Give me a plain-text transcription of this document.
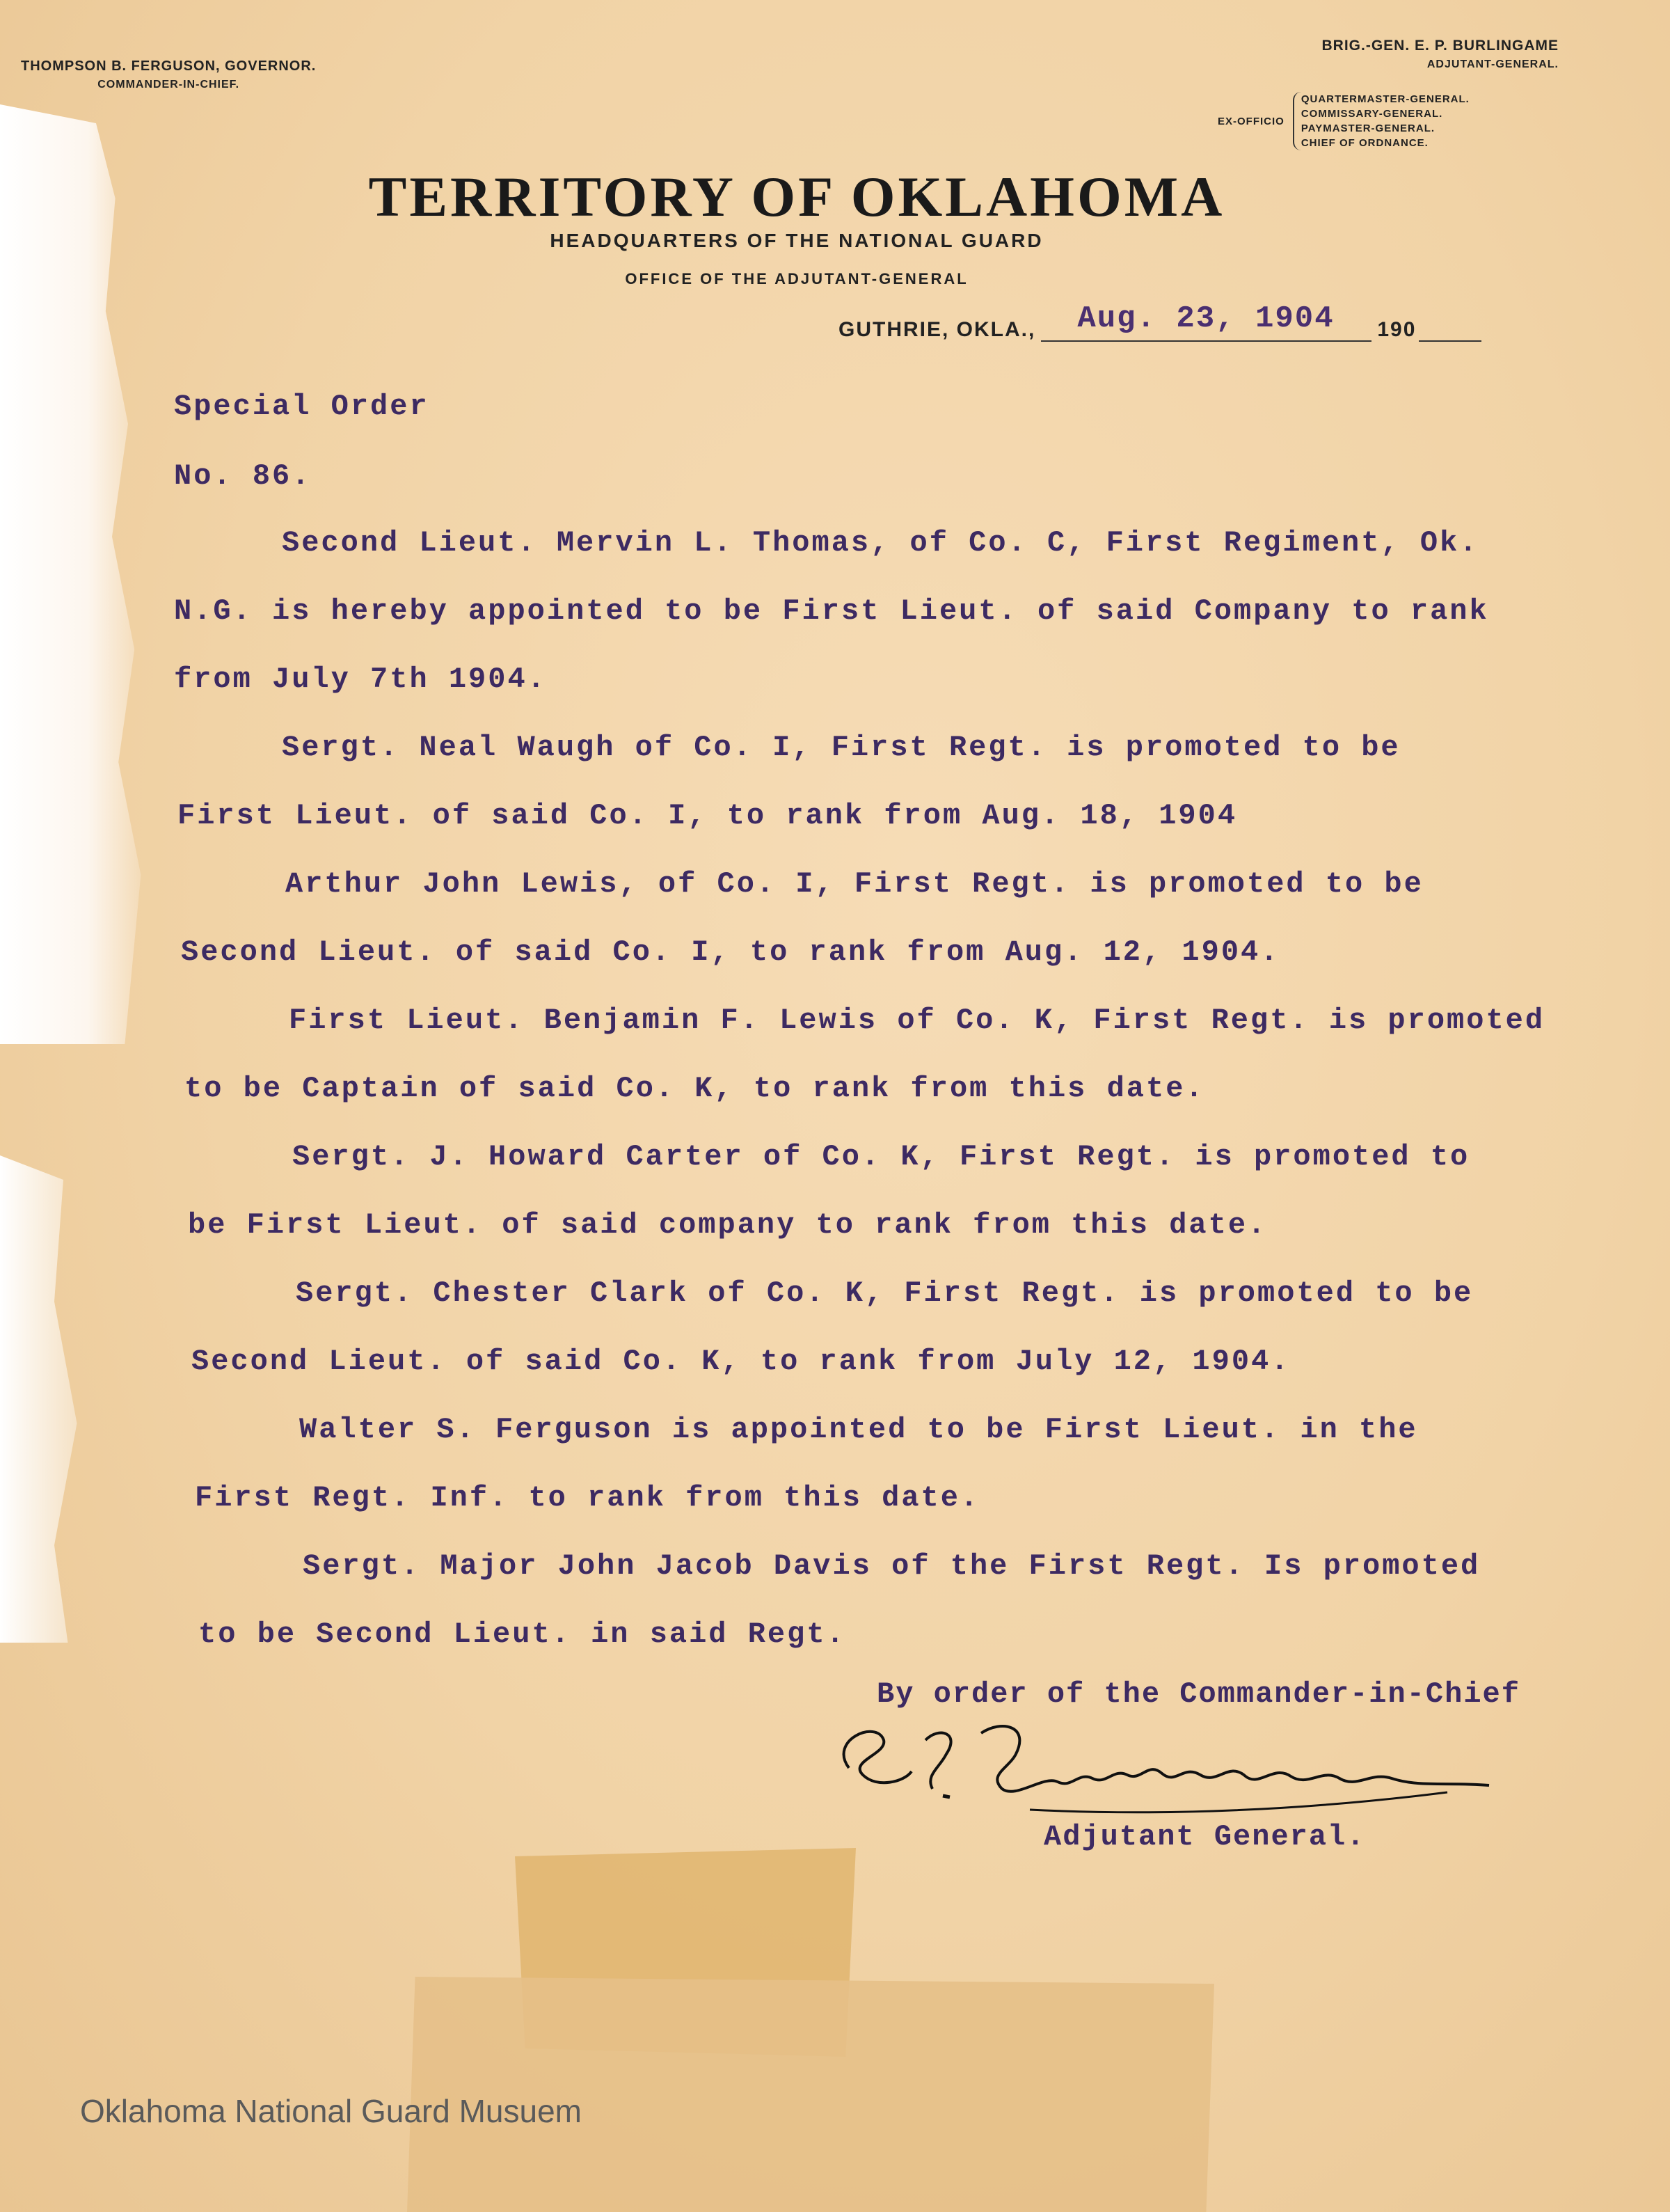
THOMPSON B. FERGUSON, GOVERNOR.
COMMANDER-IN-CHIEF.
BRIG.-GEN. E. P. BURLINGAME
ADJUTANT-GENERAL.
EX-OFFICIO
QUARTERMASTER-GENERAL.
COMMISSARY-GENERAL.
PAYMASTER-GENERAL.
CHIEF OF ORDNANCE.
TERRITORY OF OKLAHOMA
HEADQUARTERS OF THE NATIONAL GUARD
OFFICE OF THE ADJUTANT-GENERAL
GUTHRIE, OKLA., Aug. 23, 1904 190
Special Order
No. 86.
Second Lieut. Mervin L. Thomas, of Co. C, First Regiment, Ok.
N.G. is hereby appointed to be First Lieut. of said Company to rank
from July 7th 1904.
Sergt. Neal Waugh of Co. I, First Regt. is promoted to be
First Lieut. of said Co. I, to rank from Aug. 18, 1904
Arthur John Lewis, of Co. I, First Regt. is promoted to be
Second Lieut. of said Co. I, to rank from Aug. 12, 1904.
First Lieut. Benjamin F. Lewis of Co. K, First Regt. is promoted
to be Captain of said Co. K, to rank from this date.
Sergt. J. Howard Carter of Co. K, First Regt. is promoted to
be First Lieut. of said company to rank from this date.
Sergt. Chester Clark of Co. K, First Regt. is promoted to be
Second Lieut. of said Co. K, to rank from July 12, 1904.
Walter S. Ferguson is appointed to be First Lieut. in the
First Regt. Inf. to rank from this date.
Sergt. Major John Jacob Davis of the First Regt. Is promoted
to be Second Lieut. in said Regt.
By order of the Commander-in-Chief
Adjutant General.
Oklahoma National Guard Musuem
